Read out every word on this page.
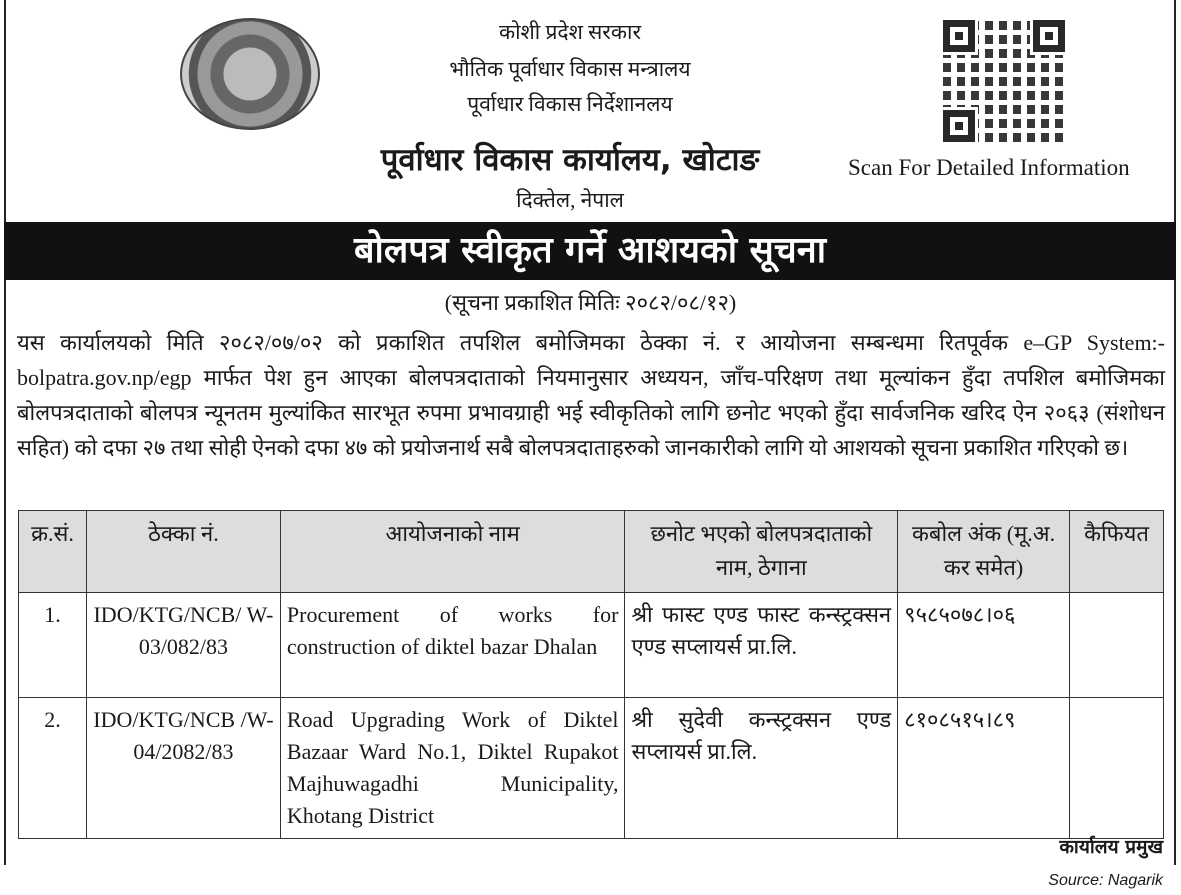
कोशी प्रदेश सरकार
भौतिक पूर्वाधार विकास मन्त्रालय
पूर्वाधार विकास निर्देशानलय
पूर्वाधार विकास कार्यालय, खोटाङ
दिक्तेल, नेपाल
Scan For Detailed Information
बोलपत्र स्वीकृत गर्ने आशयको सूचना
(सूचना प्रकाशित मितिः २०८२/०८/१२)

यस कार्यालयको मिति २०८२/०७/०२ को प्रकाशित तपशिल बमोजिमका ठेक्का नं. र आयोजना सम्बन्धमा रितपूर्वक e–GP System:-bolpatra.gov.np/egp मार्फत पेश हुन आएका बोलपत्रदाताको नियमानुसार अध्ययन, जाँच-परिक्षण तथा मूल्यांकन हुँदा तपशिल बमोजिमका बोलपत्रदाताको बोलपत्र न्यूनतम मुल्यांकित सारभूत रुपमा प्रभावग्राही भई स्वीकृतिको लागि छनोट भएको हुँदा सार्वजनिक खरिद ऐन २०६३ (संशोधन सहित) को दफा २७ तथा सोही ऐनको दफा ४७ को प्रयोजनार्थ सबै बोलपत्रदाताहरुको जानकारीको लागि यो आशयको सूचना प्रकाशित गरिएको छ।

क्र.सं.	ठेक्का नं.	आयोजनाको नाम	छनोट भएको बोलपत्रदाताको नाम, ठेगाना	कबोल अंक (मू.अ. कर समेत)	कैफियत
1.	IDO/KTG/NCB/ W-03/082/83	Procurement of works for construction of diktel bazar Dhalan	श्री फास्ट एण्ड फास्ट कन्स्ट्रक्सन एण्ड सप्लायर्स प्रा.लि.	९५८५०७८।०६	
2.	IDO/KTG/NCB /W-04/2082/83	Road Upgrading Work of Diktel Bazaar Ward No.1, Diktel Rupakot Majhuwagadhi Municipality, Khotang District	श्री सुदेवी कन्स्ट्रक्सन एण्ड सप्लायर्स प्रा.लि.	८१०८५१५।८९	
कार्यालय प्रमुख
Source: Nagarik
